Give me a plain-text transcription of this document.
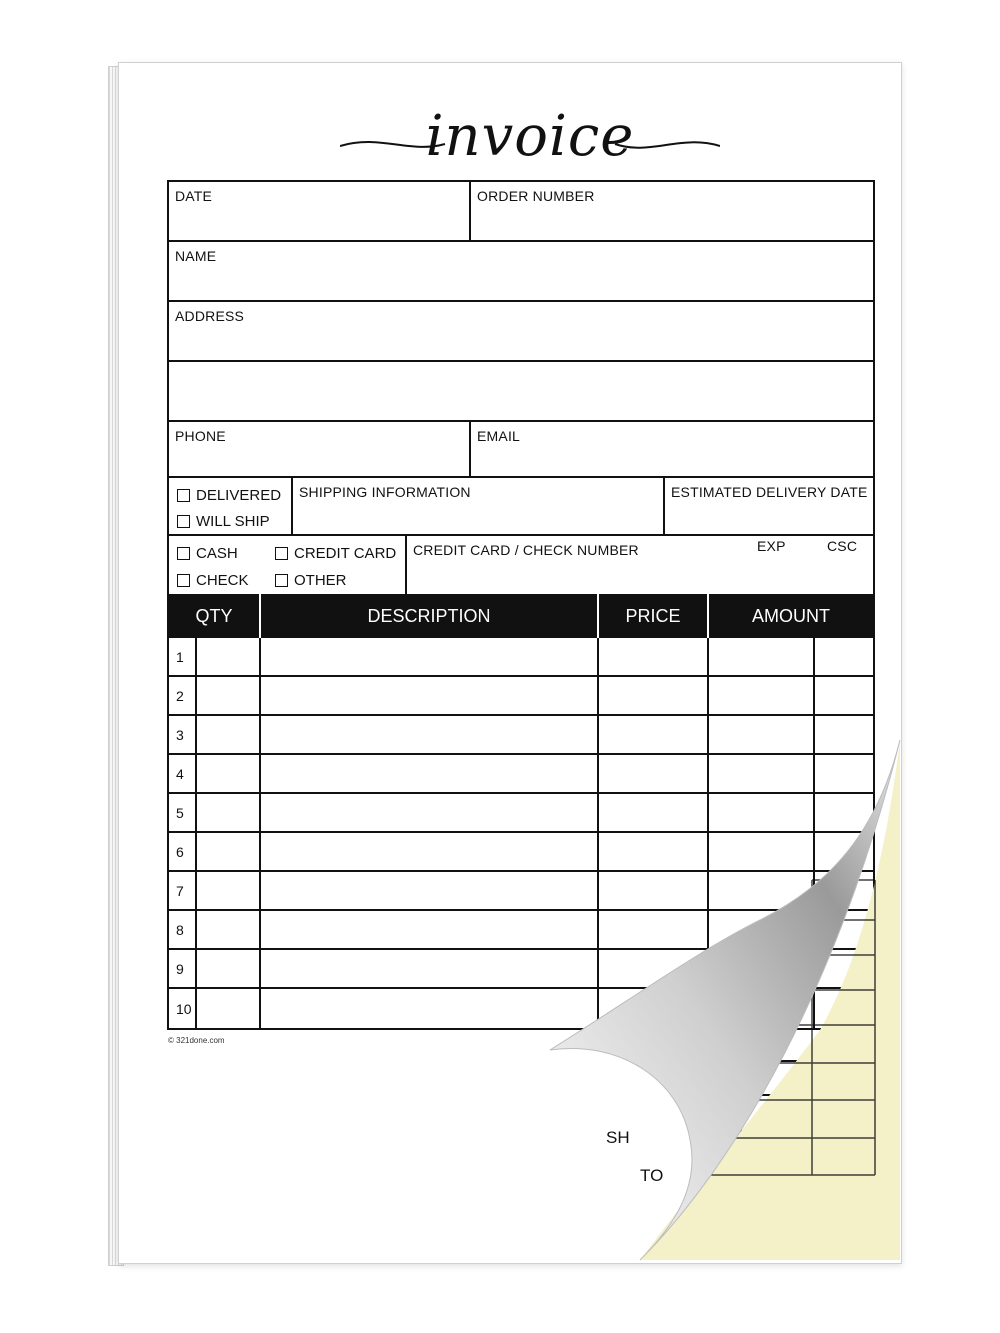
invoice
DATE	ORDER NUMBER
NAME
ADDRESS
PHONE	EMAIL
DELIVERED
WILL SHIP
SHIPPING INFORMATION	ESTIMATED DELIVERY DATE
CASH	CREDIT CARD
CHECK	OTHER
CREDIT CARD / CHECK NUMBER	EXP	CSC
QTY	DESCRIPTION	PRICE	AMOUNT
1
2
3
4
5
6
7
8
9
10
© 321done.com
SH
TO
